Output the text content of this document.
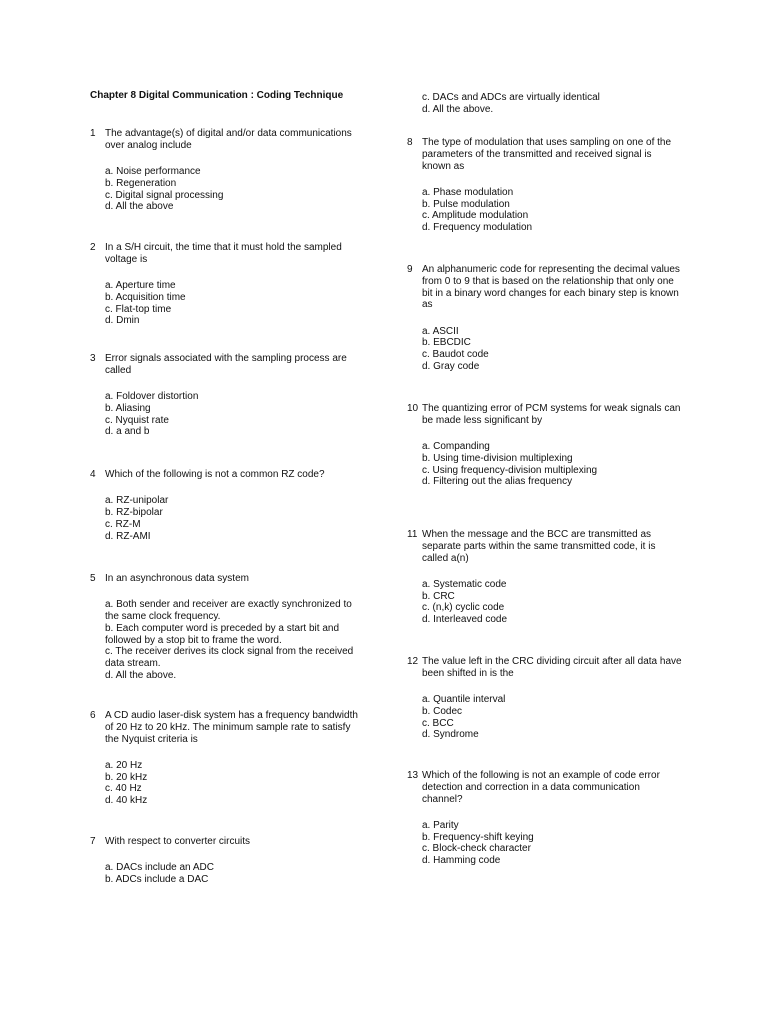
Chapter 8 Digital Communication : Coding Technique
1 The advantage(s) of digital and/or data communications over analog include
a. Noise performance
b. Regeneration
c. Digital signal processing
d. All the above
2 In a S/H circuit, the time that it must hold the sampled voltage is
a. Aperture time
b. Acquisition time
c. Flat-top time
d. Dmin
3 Error signals associated with the sampling process are called
a. Foldover distortion
b. Aliasing
c. Nyquist rate
d. a and b
4 Which of the following is not a common RZ code?
a. RZ-unipolar
b. RZ-bipolar
c. RZ-M
d. RZ-AMI
5 In an asynchronous data system
a. Both sender and receiver are exactly synchronized to the same clock frequency.
b. Each computer word is preceded by a start bit and followed by a stop bit to frame the word.
c. The receiver derives its clock signal from the received data stream.
d. All the above.
6 A CD audio laser-disk system has a frequency bandwidth of 20 Hz to 20 kHz. The minimum sample rate to satisfy the Nyquist criteria is
a. 20 Hz
b. 20 kHz
c. 40 Hz
d. 40 kHz
7 With respect to converter circuits
a. DACs include an ADC
b. ADCs include a DAC
c. DACs and ADCs are virtually identical
d. All the above.
8 The type of modulation that uses sampling on one of the parameters of the transmitted and received signal is known as
a. Phase modulation
b. Pulse modulation
c. Amplitude modulation
d. Frequency modulation
9 An alphanumeric code for representing the decimal values from 0 to 9 that is based on the relationship that only one bit in a binary word changes for each binary step is known as
a. ASCII
b. EBCDIC
c. Baudot code
d. Gray code
10 The quantizing error of PCM systems for weak signals can be made less significant by
a. Companding
b. Using time-division multiplexing
c. Using frequency-division multiplexing
d. Filtering out the alias frequency
11 When the message and the BCC are transmitted as separate parts within the same transmitted code, it is called a(n)
a. Systematic code
b. CRC
c. (n,k) cyclic code
d. Interleaved code
12 The value left in the CRC dividing circuit after all data have been shifted in is the
a. Quantile interval
b. Codec
c. BCC
d. Syndrome
13 Which of the following is not an example of code error detection and correction in a data communication channel?
a. Parity
b. Frequency-shift keying
c. Block-check character
d. Hamming code
